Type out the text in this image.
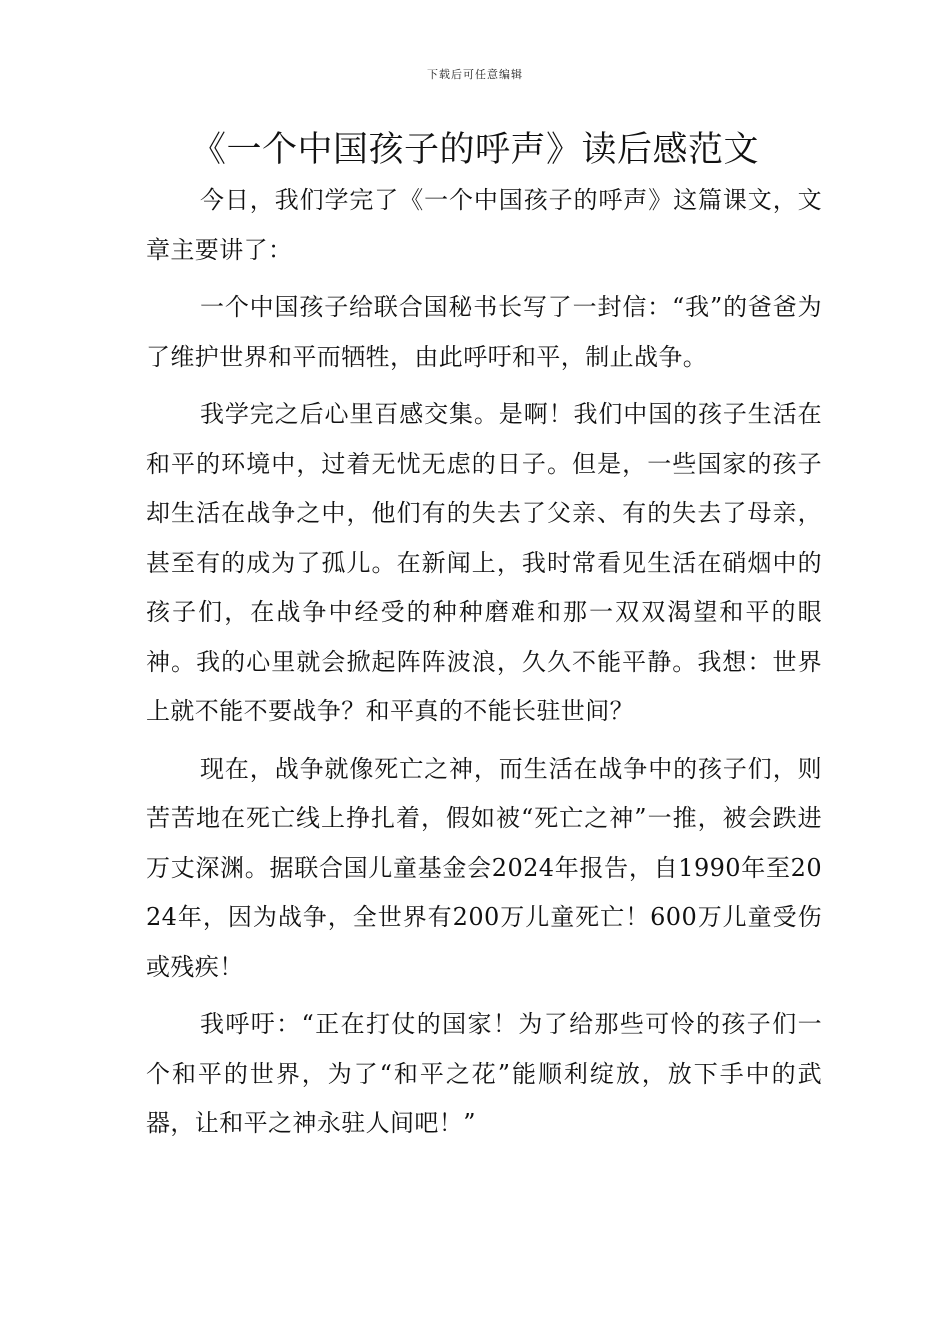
下载后可任意编辑
《一个中国孩子的呼声》读后感范文

今日，我们学完了《一个中国孩子的呼声》这篇课文，文章主要讲了：

一个中国孩子给联合国秘书长写了一封信：“我”的爸爸为了维护世界和平而牺牲，由此呼吁和平，制止战争。

我学完之后心里百感交集。是啊！我们中国的孩子生活在和平的环境中，过着无忧无虑的日子。但是，一些国家的孩子却生活在战争之中，他们有的失去了父亲、有的失去了母亲，甚至有的成为了孤儿。在新闻上，我时常看见生活在硝烟中的孩子们，在战争中经受的种种磨难和那一双双渴望和平的眼神。我的心里就会掀起阵阵波浪，久久不能平静。我想：世界上就不能不要战争？和平真的不能长驻世间？

现在，战争就像死亡之神，而生活在战争中的孩子们，则苦苦地在死亡线上挣扎着，假如被“死亡之神”一推，被会跌进万丈深渊。据联合国儿童基金会2024年报告，自1990年至2024年，因为战争，全世界有200万儿童死亡！600万儿童受伤或残疾！

我呼吁：“正在打仗的国家！为了给那些可怜的孩子们一个和平的世界，为了“和平之花”能顺利绽放，放下手中的武器，让和平之神永驻人间吧！”
